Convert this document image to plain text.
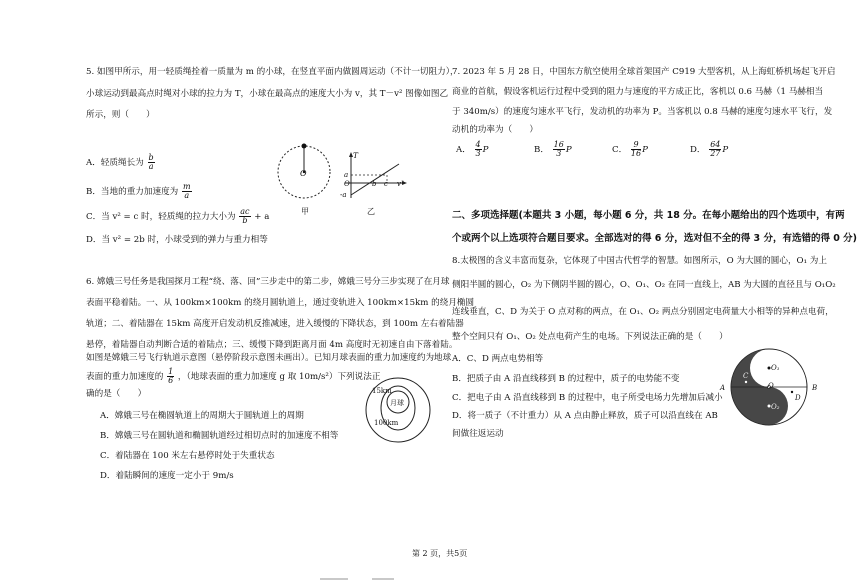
5. 如图甲所示，用一轻质绳拴着一质量为 m 的小球，在竖直平面内做圆周运动（不计一切阻力），
小球运动到最高点时绳对小球的拉力为 T，小球在最高点的速度大小为 v，其 T－v² 图像如图乙
所示，则（　　）
A．轻质绳长为 $\frac{b}{a}$
B．当地的重力加速度为 $\frac{m}{a}$
C．当 v² = c 时，轻质绳的拉力大小为 $\frac{ac}{b} + a$
D．当 v² = 2b 时，小球受到的弹力与重力相等
O
甲
T
a
O
-a
b c v²
乙
6. 嫦娥三号任务是我国探月工程“绕、落、回”三步走中的第二步，嫦娥三号分三步实现了在月球
表面平稳着陆。一、从 100km×100km 的绕月圆轨道上，通过变轨进入 100km×15km 的绕月椭圆
轨道；二、着陆器在 15km 高度开启发动机反推减速，进入缓慢的下降状态，到 100m 左右着陆器
悬停，着陆器自动判断合适的着陆点；三、缓慢下降到距离月面 4m 高度时无初速自由下落着陆。
如图是嫦娥三号飞行轨道示意图（悬停阶段示意图未画出）。已知月球表面的重力加速度约为地球
表面的重力加速度的 $\frac{1}{6}$ ，（地球表面的重力加速度 g 取 10m/s²）下列说法正
确的是（　　）
A．嫦娥三号在椭圆轨道上的周期大于圆轨道上的周期
B．嫦娥三号在圆轨道和椭圆轨道经过相切点时的加速度不相等
C．着陆器在 100 米左右悬停时处于失重状态
D．着陆瞬间的速度一定小于 9m/s
15km
月球
100km
7. 2023 年 5 月 28 日，中国东方航空使用全球首架国产 C919 大型客机，从上海虹桥机场起飞开启
商业的首航，假设客机运行过程中受到的阻力与速度的平方成正比，客机以 0.6 马赫（1 马赫相当
于 340m/s）的速度匀速水平飞行，发动机的功率为 P。当客机以 0.8 马赫的速度匀速水平飞行，发
动机的功率为（　　）
A． $\frac{4}{3}$ P	B． $\frac{16}{3}$ P	C． $\frac{9}{16}$ P	D． $\frac{64}{27}$ P
二、多项选择题(本题共 3 小题，每小题 6 分，共 18 分。在每小题给出的四个选项中，有两
个或两个以上选项符合题目要求。全部选对的得 6 分，选对但不全的得 3 分，有选错的得 0 分)
8.太极图的含义丰富而复杂，它体现了中国古代哲学的智慧。如图所示，O 为大圆的圆心，O₁ 为上
侧阳半圆的圆心，O₂ 为下侧阴半圆的圆心，O、O₁、O₂ 在同一直线上，AB 为大圆的直径且与 O₁O₂
连线垂直，C、D 为关于 O 点对称的两点，在 O₁、O₂ 两点分别固定电荷量大小相等的异种点电荷，
整个空间只有 O₁、O₂ 处点电荷产生的电场。下列说法正确的是（　　）
A．C、D 两点电势相等
B．把质子由 A 沿直线移到 B 的过程中，质子的电势能不变
C．把电子由 A 沿直线移到 B 的过程中，电子所受电场力先增加后减小
D．将一质子（不计重力）从 A 点由静止释放，质子可以沿直线在 AB
间做往返运动
O₁
O
O₂
A	B
C
D
第 2 页，共5页
